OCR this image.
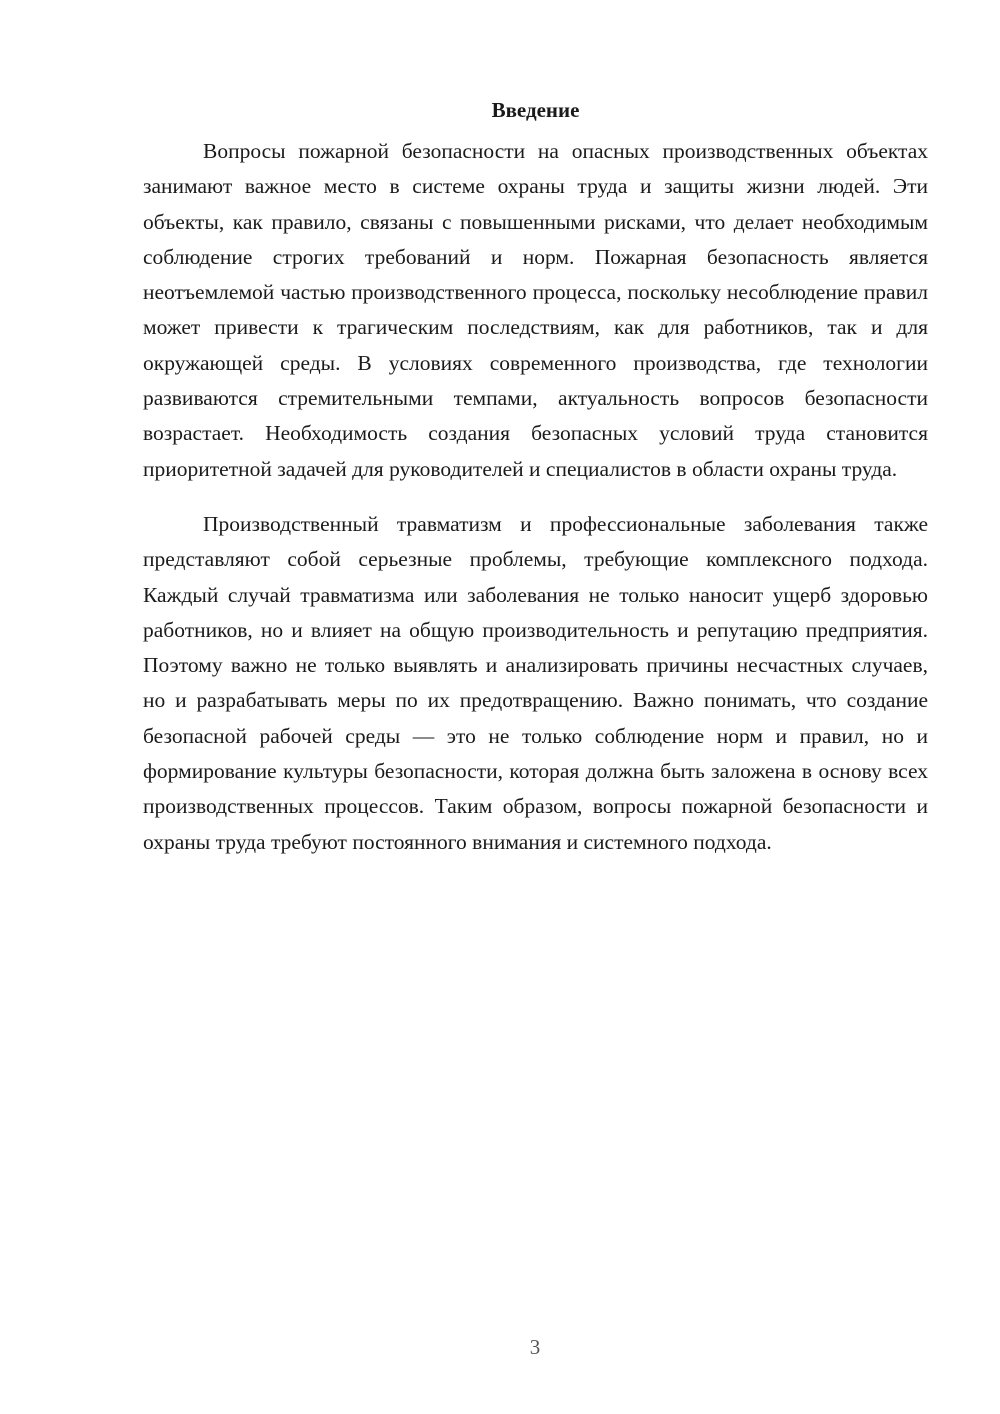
Введение

Вопросы пожарной безопасности на опасных производственных объектах занимают важное место в системе охраны труда и защиты жизни людей. Эти объекты, как правило, связаны с повышенными рисками, что делает необходимым соблюдение строгих требований и норм. Пожарная безопасность является неотъемлемой частью производственного процесса, поскольку несоблюдение правил может привести к трагическим последствиям, как для работников, так и для окружающей среды. В условиях современного производства, где технологии развиваются стремительными темпами, актуальность вопросов безопасности возрастает. Необходимость создания безопасных условий труда становится приоритетной задачей для руководителей и специалистов в области охраны труда.

Производственный травматизм и профессиональные заболевания также представляют собой серьезные проблемы, требующие комплексного подхода. Каждый случай травматизма или заболевания не только наносит ущерб здоровью работников, но и влияет на общую производительность и репутацию предприятия. Поэтому важно не только выявлять и анализировать причины несчастных случаев, но и разрабатывать меры по их предотвращению. Важно понимать, что создание безопасной рабочей среды — это не только соблюдение норм и правил, но и формирование культуры безопасности, которая должна быть заложена в основу всех производственных процессов. Таким образом, вопросы пожарной безопасности и охраны труда требуют постоянного внимания и системного подхода.

3
